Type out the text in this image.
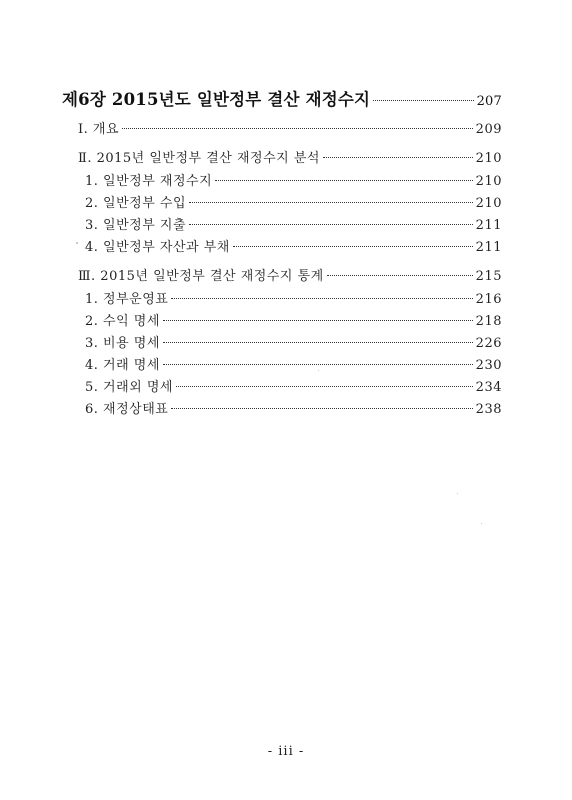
제6장 2015년도 일반정부 결산 재정수지	207
Ⅰ. 개요	209
Ⅱ. 2015년 일반정부 결산 재정수지 분석	210
1. 일반정부 재정수지	210
2. 일반정부 수입	210
3. 일반정부 지출	211
4. 일반정부 자산과 부채	211
Ⅲ. 2015년 일반정부 결산 재정수지 통계	215
1. 정부운영표	216
2. 수익 명세	218
3. 비용 명세	226
4. 거래 명세	230
5. 거래외 명세	234
6. 재정상태표	238
- iii -
